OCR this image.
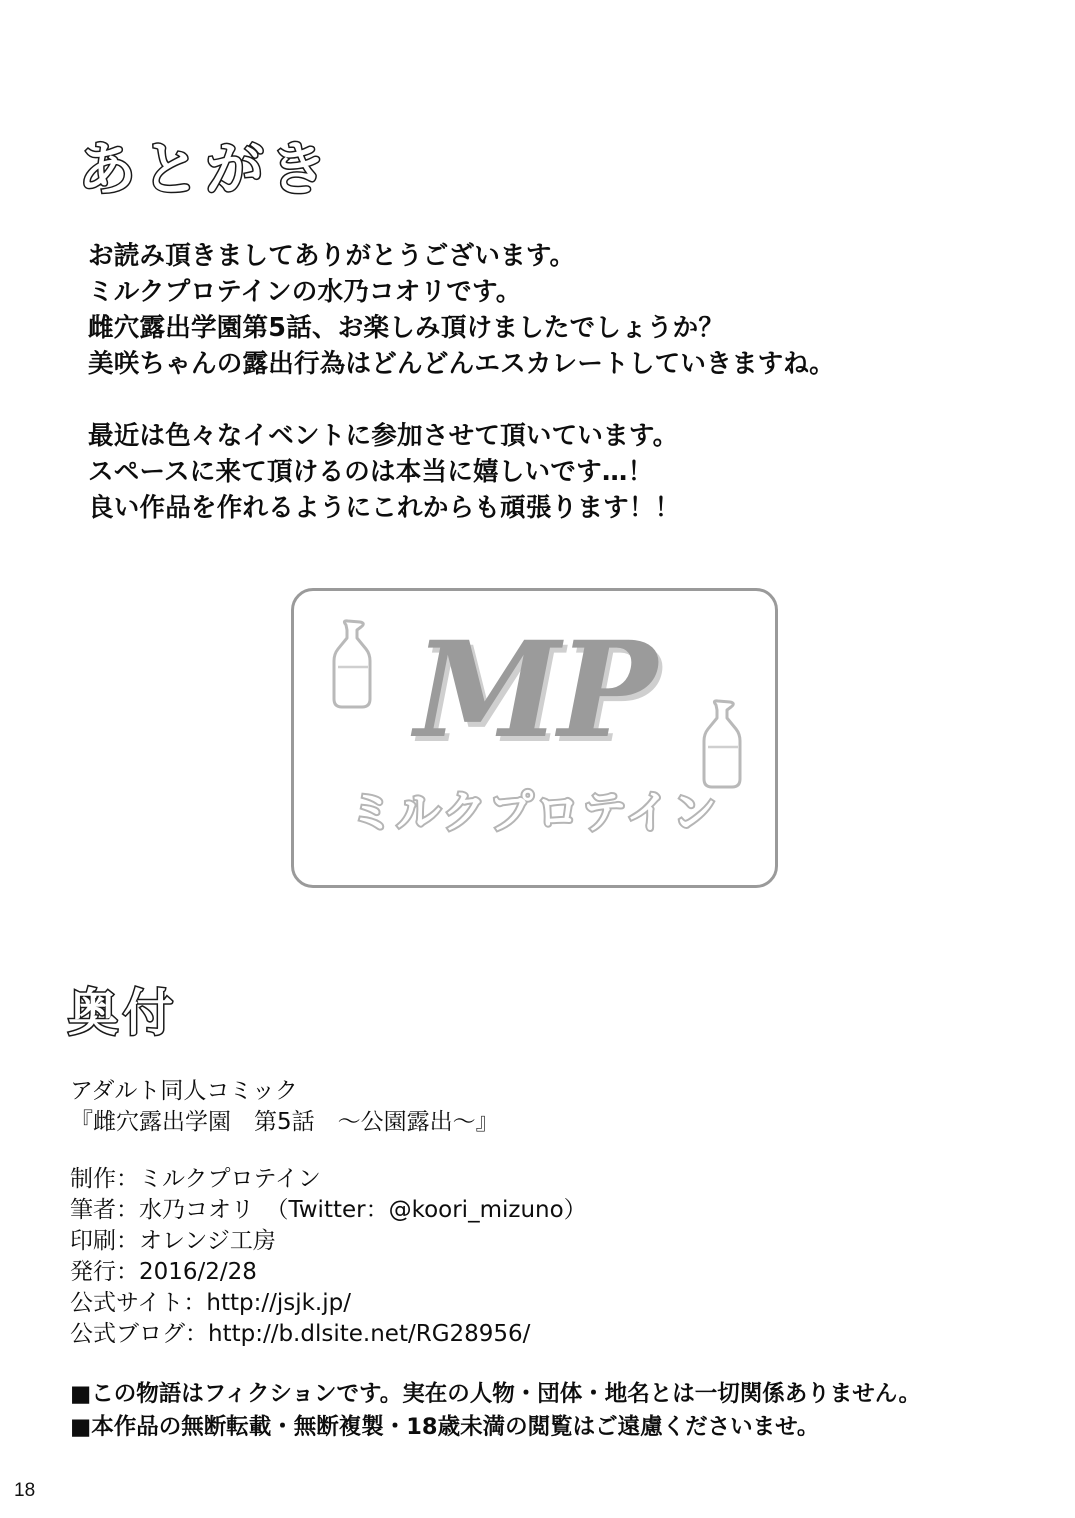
あとがき

お読み頂きましてありがとうございます。

ミルクプロテインの水乃コオリです。

雌穴露出学園第5話、お楽しみ頂けましたでしょうか？

美咲ちゃんの露出行為はどんどんエスカレートしていきますね。

最近は色々なイベントに参加させて頂いています。

スペースに来て頂けるのは本当に嬉しいです…！

良い作品を作れるようにこれからも頑張ります！！

MP
ミルクプロテイン
奥付
アダルト同人コミック
『雌穴露出学園　第5話　〜公園露出〜』
制作：ミルクプロテイン
筆者：水乃コオリ　（Twitter：@koori_mizuno）
印刷：オレンジ工房
発行：2016/2/28
公式サイト：http://jsjk.jp/
公式ブログ：http://b.dlsite.net/RG28956/
■この物語はフィクションです。実在の人物・団体・地名とは一切関係ありません。
■本作品の無断転載・無断複製・18歳未満の閲覧はご遠慮くださいませ。
18
